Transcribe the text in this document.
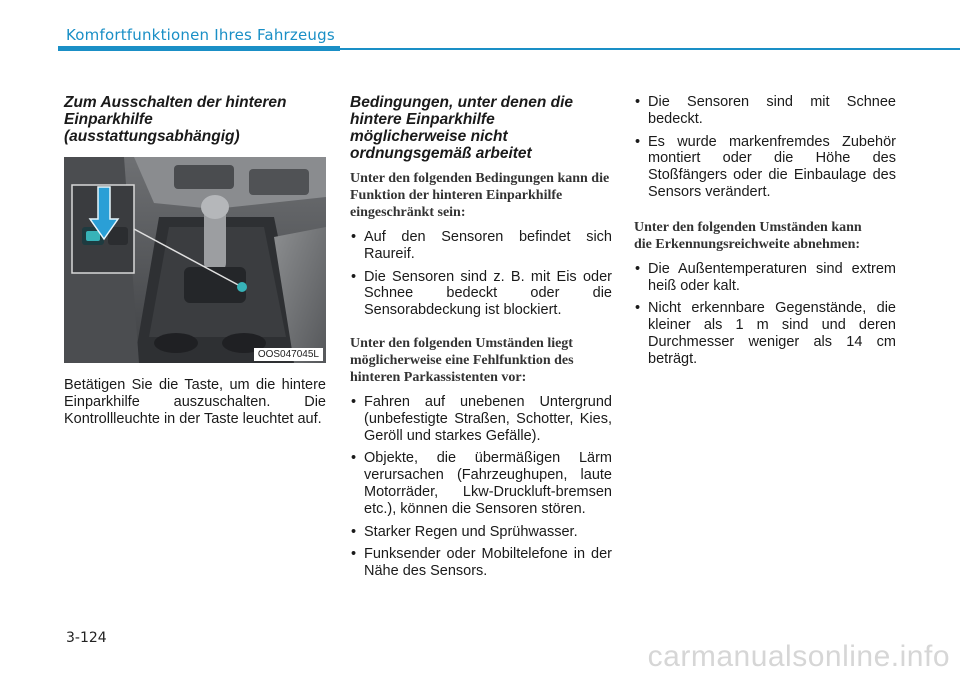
Komfortfunktionen Ihres Fahrzeugs
Zum Ausschalten der hinteren Einparkhilfe (ausstattungsabhängig)
OOS047045L

Betätigen Sie die Taste, um die hintere Einparkhilfe auszuschalten. Die Kontrollleuchte in der Taste leuchtet auf.

Bedingungen, unter denen die hintere Einparkhilfe möglicherweise nicht ordnungsgemäß arbeitet
Unter den folgenden Bedingungen kann die Funktion der hinteren Einparkhilfe eingeschränkt sein:
• Auf den Sensoren befindet sich Raureif.
• Die Sensoren sind z. B. mit Eis oder Schnee bedeckt oder die Sensorabdeckung ist blockiert.
Unter den folgenden Umständen liegt möglicherweise eine Fehlfunktion des hinteren Parkassistenten vor:
• Fahren auf unebenen Untergrund (unbefestigte Straßen, Schotter, Kies, Geröll und starkes Gefälle).
• Objekte, die übermäßigen Lärm verursachen (Fahrzeughupen, laute Motorräder, Lkw-Druckluft-bremsen etc.), können die Sensoren stören.
• Starker Regen und Sprühwasser.
• Funksender oder Mobiltelefone in der Nähe des Sensors.
• Die Sensoren sind mit Schnee bedeckt.
• Es wurde markenfremdes Zubehör montiert oder die Höhe des Stoßfängers oder die Einbaulage des Sensors verändert.
Unter den folgenden Umständen kann die Erkennungsreichweite abnehmen:
• Die Außentemperaturen sind extrem heiß oder kalt.
• Nicht erkennbare Gegenstände, die kleiner als 1 m sind und deren Durchmesser weniger als 14 cm beträgt.
3-124
carmanualsonline.info
